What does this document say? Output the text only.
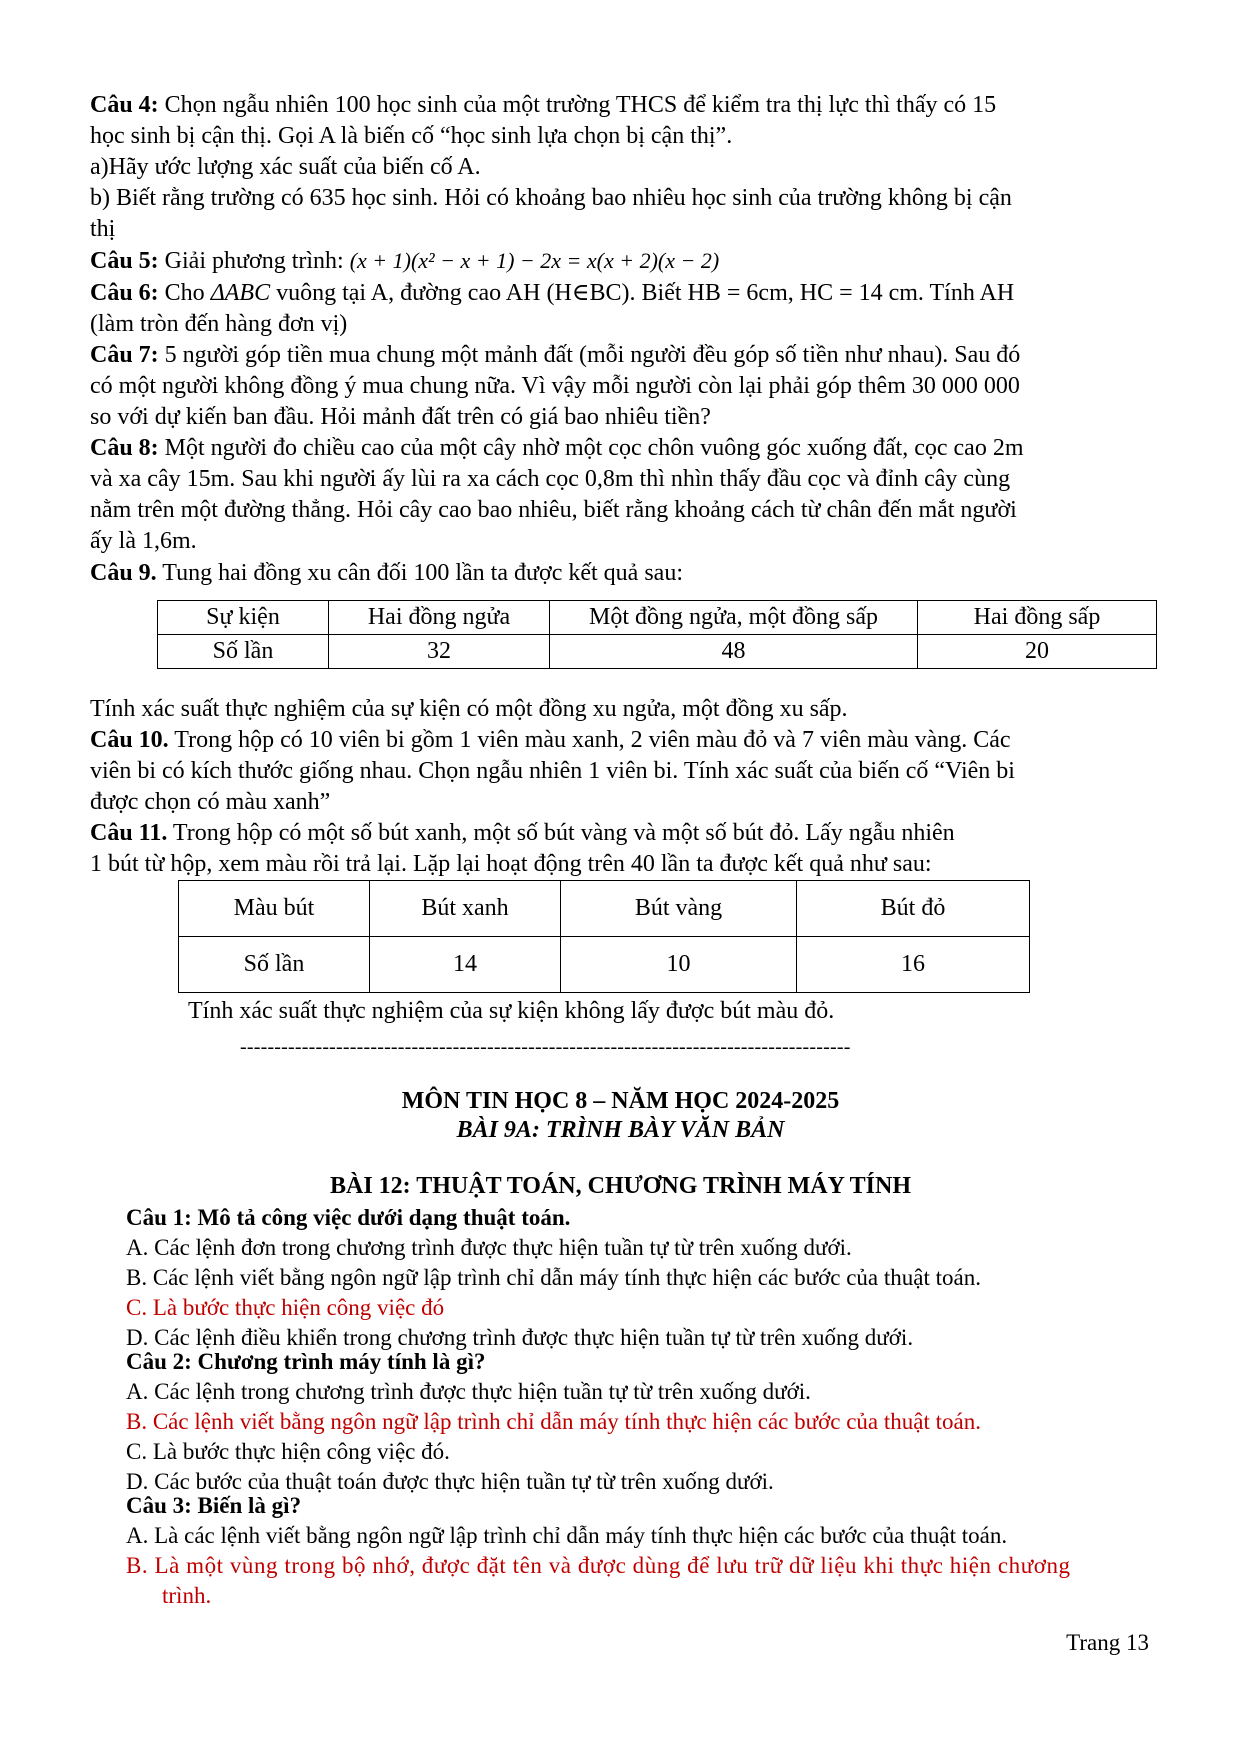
Câu 4: Chọn ngẫu nhiên 100 học sinh của một trường THCS để kiểm tra thị lực thì thấy có 15
học sinh bị cận thị. Gọi A là biến cố “học sinh lựa chọn bị cận thị”.
a)Hãy ước lượng xác suất của biến cố A.
b) Biết rằng trường có 635 học sinh. Hỏi có khoảng bao nhiêu học sinh của trường không bị cận
thị
Câu 5: Giải phương trình: (x + 1)(x² − x + 1) − 2x = x(x + 2)(x − 2)
Câu 6: Cho ΔABC vuông tại A, đường cao AH (H∈BC). Biết HB = 6cm, HC = 14 cm. Tính AH
(làm tròn đến hàng đơn vị)
Câu 7: 5 người góp tiền mua chung một mảnh đất (mỗi người đều góp số tiền như nhau). Sau đó
có một người không đồng ý mua chung nữa. Vì vậy mỗi người còn lại phải góp thêm 30 000 000
so với dự kiến ban đầu. Hỏi mảnh đất trên có giá bao nhiêu tiền?
Câu 8: Một người đo chiều cao của một cây nhờ một cọc chôn vuông góc xuống đất, cọc cao 2m
và xa cây 15m. Sau khi người ấy lùi ra xa cách cọc 0,8m thì nhìn thấy đầu cọc và đỉnh cây cùng
nằm trên một đường thẳng. Hỏi cây cao bao nhiêu, biết rằng khoảng cách từ chân đến mắt người
ấy là 1,6m.
Câu 9. Tung hai đồng xu cân đối 100 lần ta được kết quả sau:
Sự kiện	Hai đồng ngửa	Một đồng ngửa, một đồng sấp	Hai đồng sấp
Số lần	32	48	20
Tính xác suất thực nghiệm của sự kiện có một đồng xu ngửa, một đồng xu sấp.
Câu 10. Trong hộp có 10 viên bi gồm 1 viên màu xanh, 2 viên màu đỏ và 7 viên màu vàng. Các
viên bi có kích thước giống nhau. Chọn ngẫu nhiên 1 viên bi. Tính xác suất của biến cố “Viên bi
được chọn có màu xanh”
Câu 11. Trong hộp có một số bút xanh, một số bút vàng và một số bút đỏ. Lấy ngẫu nhiên
1 bút từ hộp, xem màu rồi trả lại. Lặp lại hoạt động trên 40 lần ta được kết quả như sau:
Màu bút	Bút xanh	Bút vàng	Bút đỏ
Số lần	14	10	16
Tính xác suất thực nghiệm của sự kiện không lấy được bút màu đỏ.
-----------------------------------------------------------------------------------------
MÔN TIN HỌC 8 – NĂM HỌC 2024-2025
BÀI 9A: TRÌNH BÀY VĂN BẢN
BÀI 12: THUẬT TOÁN, CHƯƠNG TRÌNH MÁY TÍNH
Câu 1: Mô tả công việc dưới dạng thuật toán.
A. Các lệnh đơn trong chương trình được thực hiện tuần tự từ trên xuống dưới.
B. Các lệnh viết bằng ngôn ngữ lập trình chỉ dẫn máy tính thực hiện các bước của thuật toán.
C. Là bước thực hiện công việc đó
D. Các lệnh điều khiển trong chương trình được thực hiện tuần tự từ trên xuống dưới.
Câu 2: Chương trình máy tính là gì?
A. Các lệnh trong chương trình được thực hiện tuần tự từ trên xuống dưới.
B. Các lệnh viết bằng ngôn ngữ lập trình chỉ dẫn máy tính thực hiện các bước của thuật toán.
C. Là bước thực hiện công việc đó.
D. Các bước của thuật toán được thực hiện tuần tự từ trên xuống dưới.
Câu 3: Biến là gì?
A. Là các lệnh viết bằng ngôn ngữ lập trình chỉ dẫn máy tính thực hiện các bước của thuật toán.
B. Là một vùng trong bộ nhớ, được đặt tên và được dùng để lưu trữ dữ liệu khi thực hiện chương
trình.
Trang 13
